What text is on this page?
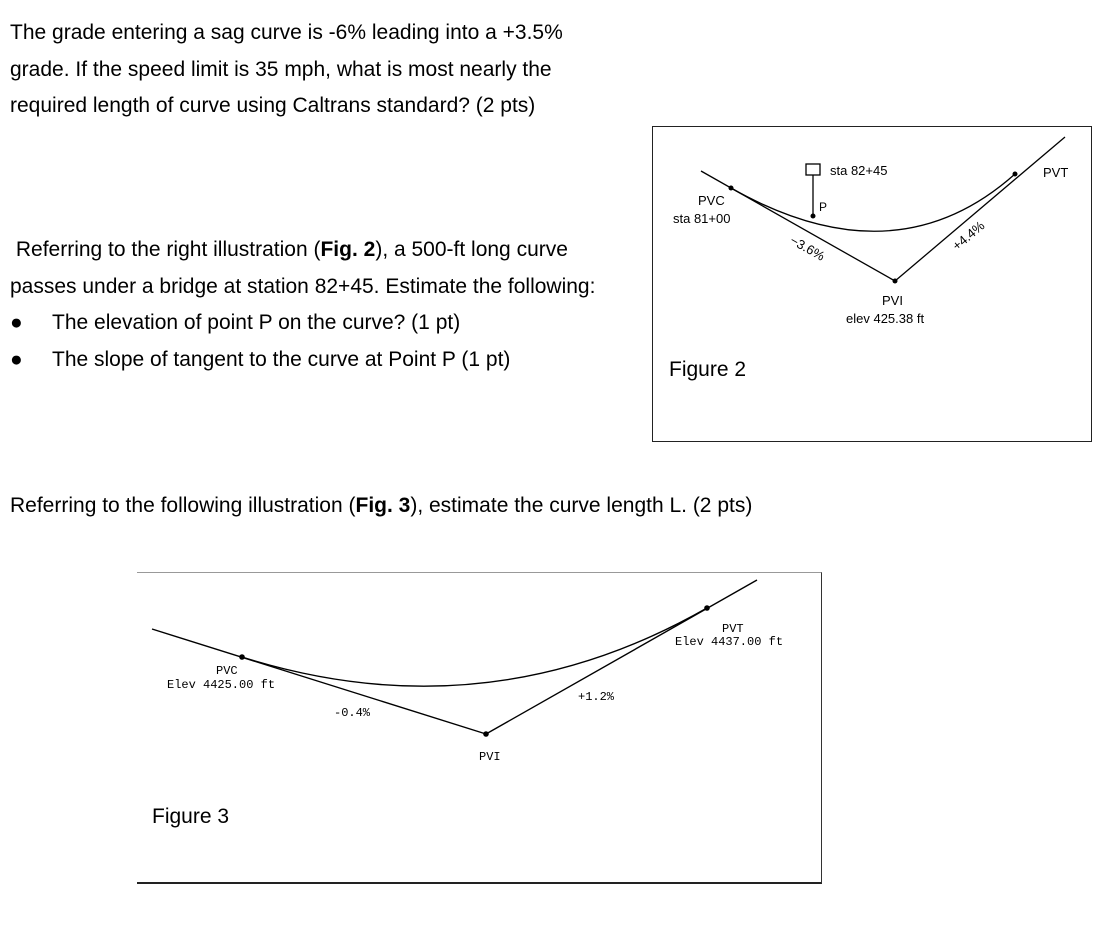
The grade entering a sag curve is -6% leading into a +3.5% grade. If the speed limit is 35 mph, what is most nearly the required length of curve using Caltrans standard? (2 pts)

Referring to the right illustration (Fig. 2), a 500-ft long curve passes under a bridge at station 82+45. Estimate the following:
● The elevation of point P on the curve? (1 pt)
● The slope of tangent to the curve at Point P (1 pt)
PVC
sta 81+00
sta 82+45
P
−3.6%	+4.4%
PVI
elev 425.38 ft
PVT
Figure 2

Referring to the following illustration (Fig. 3), estimate the curve length L. (2 pts)

PVC
Elev 4425.00 ft
-0.4%
+1.2%
PVI
PVT
Elev 4437.00 ft
Figure 3
